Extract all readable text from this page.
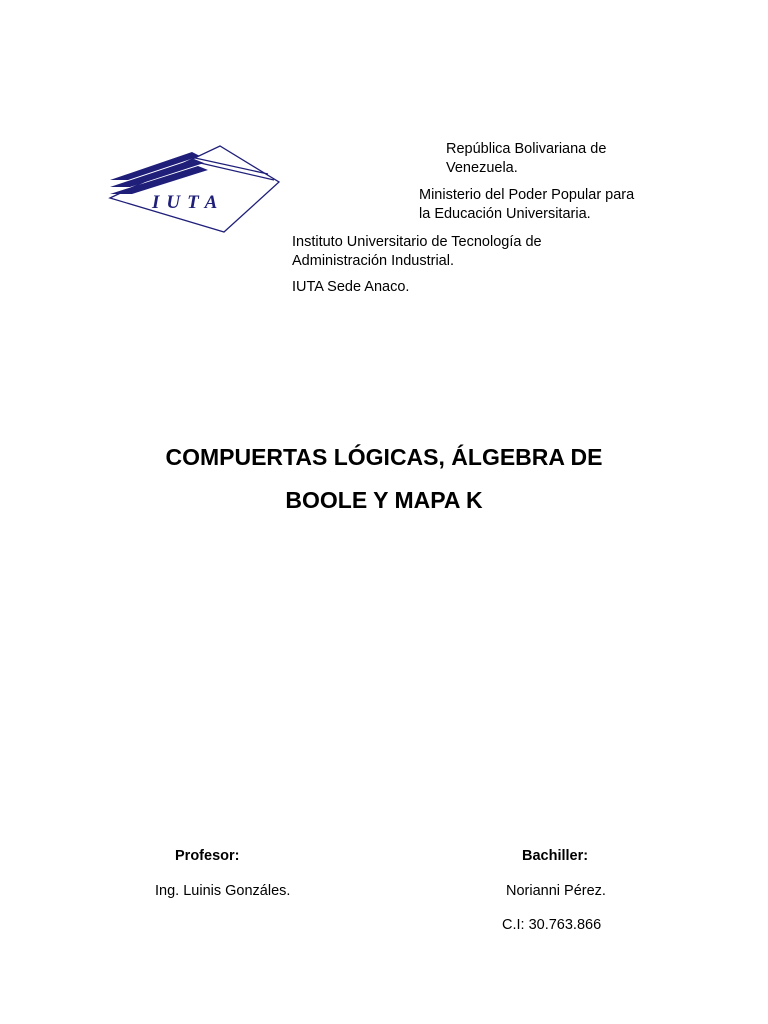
IUTA

República Bolivariana de
Venezuela.

Ministerio del Poder Popular para
la Educación Universitaria.

Instituto Universitario de Tecnología de
Administración Industrial.

IUTA Sede Anaco.

COMPUERTAS LÓGICAS, ÁLGEBRA DE
BOOLE Y MAPA K

Profesor:

Ing. Luinis Gonzáles.

Bachiller:

Norianni Pérez.

C.I: 30.763.866
